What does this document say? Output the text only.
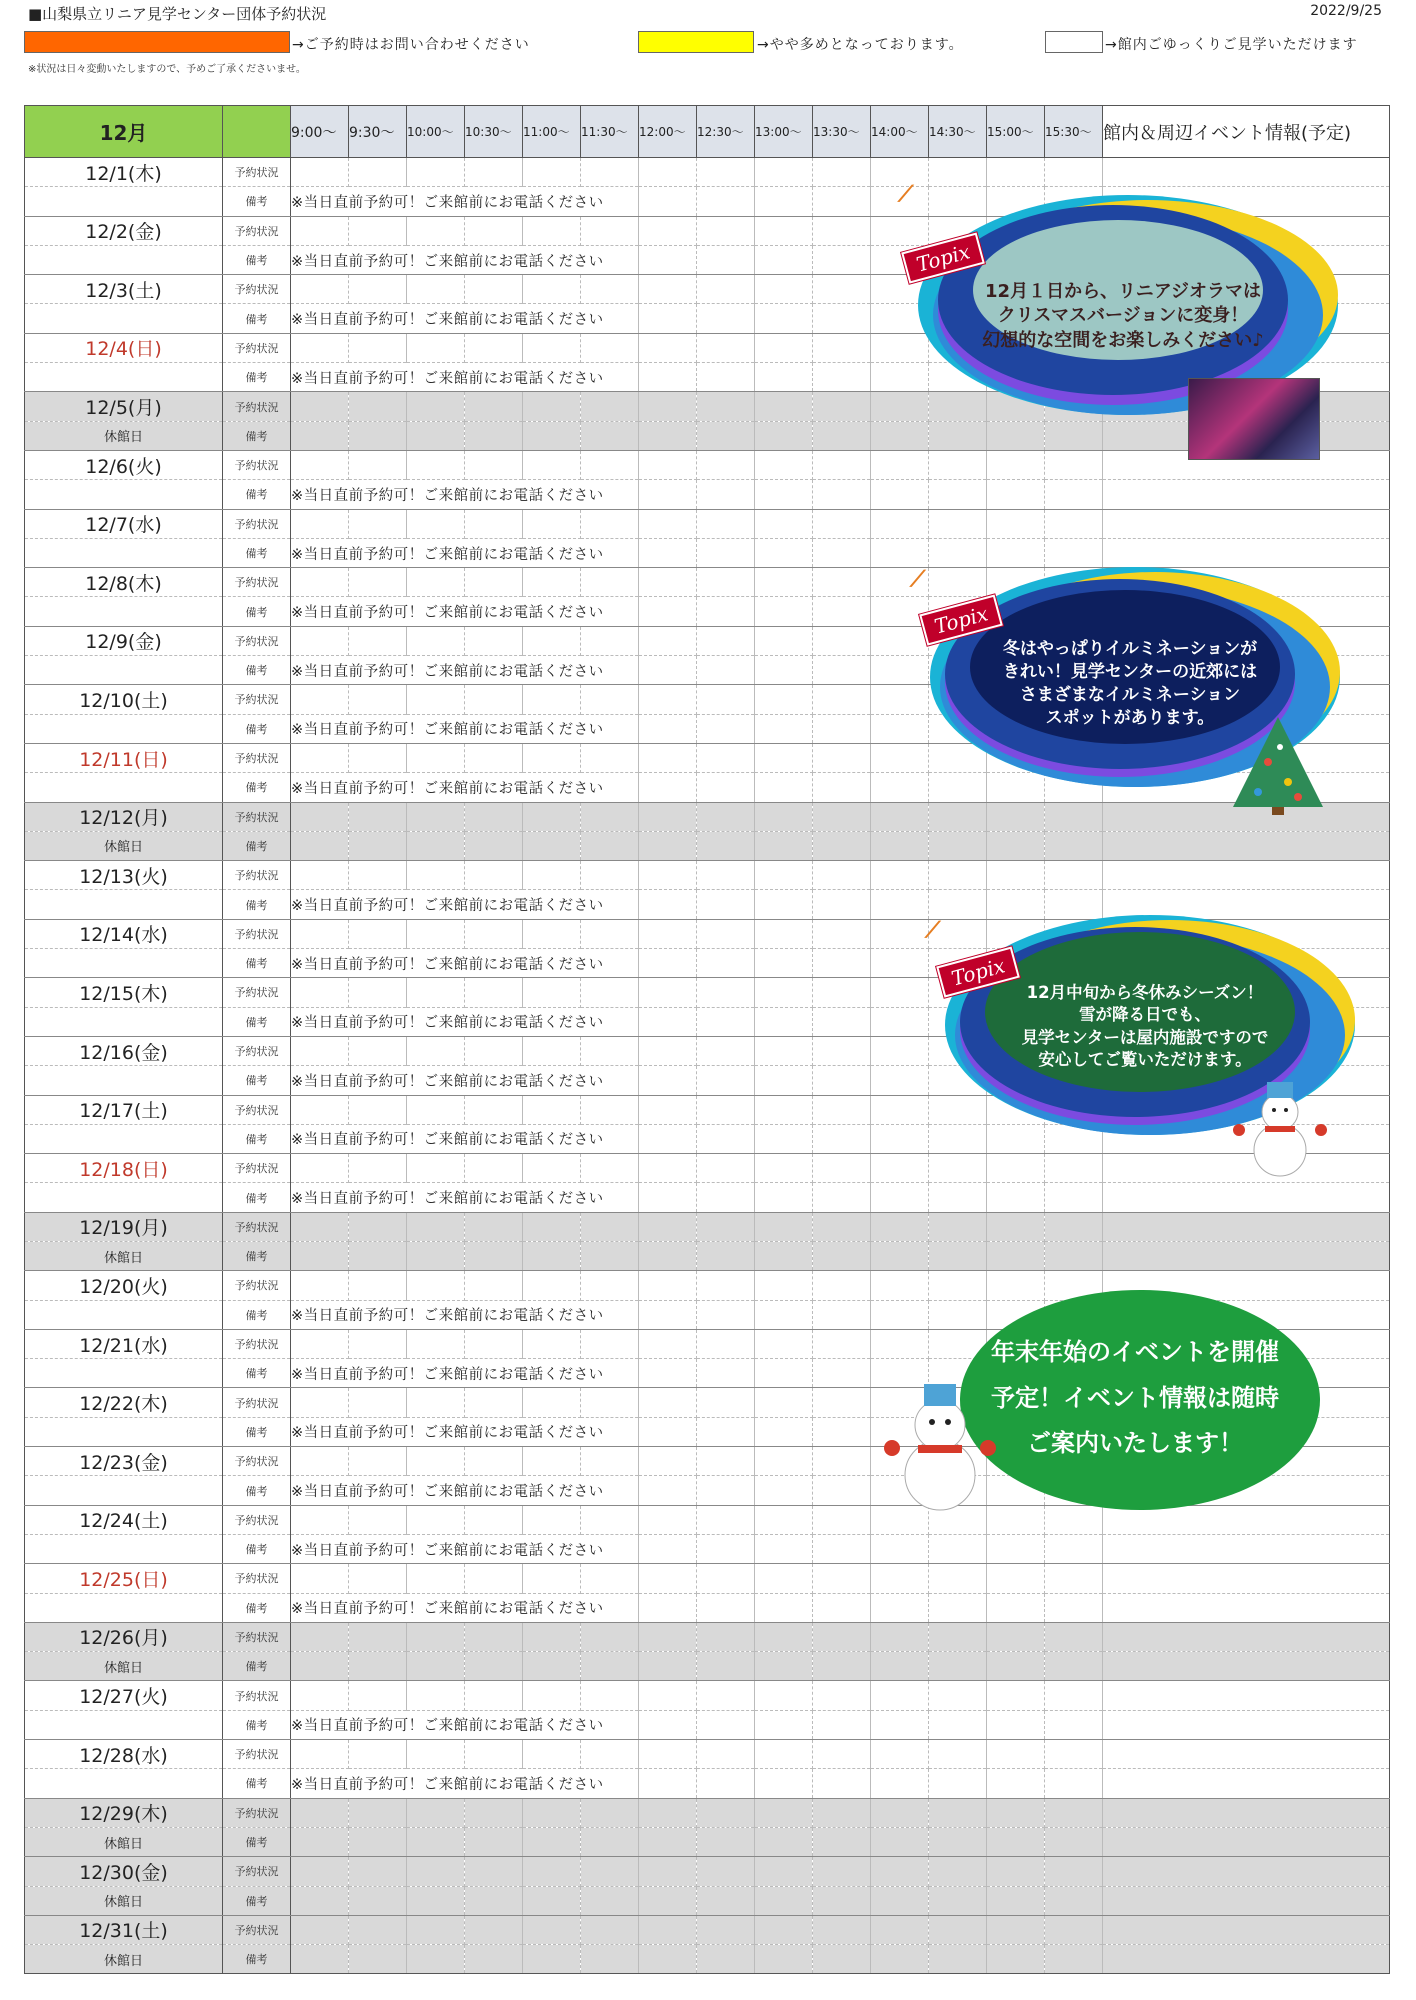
■山梨県立リニア見学センター団体予約状況	2022/9/25
→ご予約時はお問い合わせください	→やや多めとなっております。	→館内ごゆっくりご見学いただけます
※状況は日々変動いたしますので、予めご了承くださいませ。
12月		9:00～	9:30～	10:00～	10:30～	11:00～	11:30～	12:00～	12:30～	13:00～	13:30～	14:00～	14:30～	15:00～	15:30～	館内＆周辺イベント情報(予定)
12/1(木)	予約状況															
	備考	※当日直前予約可！ご来館前にお電話ください														
12/2(金)	予約状況															
	備考	※当日直前予約可！ご来館前にお電話ください														
12/3(土)	予約状況															
	備考	※当日直前予約可！ご来館前にお電話ください														
12/4(日)	予約状況															
	備考	※当日直前予約可！ご来館前にお電話ください														
12/5(月)	予約状況															
休館日	備考															
12/6(火)	予約状況															
	備考	※当日直前予約可！ご来館前にお電話ください														
12/7(水)	予約状況															
	備考	※当日直前予約可！ご来館前にお電話ください														
12/8(木)	予約状況															
	備考	※当日直前予約可！ご来館前にお電話ください														
12/9(金)	予約状況															
	備考	※当日直前予約可！ご来館前にお電話ください														
12/10(土)	予約状況															
	備考	※当日直前予約可！ご来館前にお電話ください														
12/11(日)	予約状況															
	備考	※当日直前予約可！ご来館前にお電話ください														
12/12(月)	予約状況															
休館日	備考															
12/13(火)	予約状況															
	備考	※当日直前予約可！ご来館前にお電話ください														
12/14(水)	予約状況															
	備考	※当日直前予約可！ご来館前にお電話ください														
12/15(木)	予約状況															
	備考	※当日直前予約可！ご来館前にお電話ください														
12/16(金)	予約状況															
	備考	※当日直前予約可！ご来館前にお電話ください														
12/17(土)	予約状況															
	備考	※当日直前予約可！ご来館前にお電話ください														
12/18(日)	予約状況															
	備考	※当日直前予約可！ご来館前にお電話ください														
12/19(月)	予約状況															
休館日	備考															
12/20(火)	予約状況															
	備考	※当日直前予約可！ご来館前にお電話ください														
12/21(水)	予約状況															
	備考	※当日直前予約可！ご来館前にお電話ください														
12/22(木)	予約状況															
	備考	※当日直前予約可！ご来館前にお電話ください														
12/23(金)	予約状況															
	備考	※当日直前予約可！ご来館前にお電話ください														
12/24(土)	予約状況															
	備考	※当日直前予約可！ご来館前にお電話ください														
12/25(日)	予約状況															
	備考	※当日直前予約可！ご来館前にお電話ください														
12/26(月)	予約状況															
休館日	備考															
12/27(火)	予約状況															
	備考	※当日直前予約可！ご来館前にお電話ください														
12/28(水)	予約状況															
	備考	※当日直前予約可！ご来館前にお電話ください														
12/29(木)	予約状況															
休館日	備考															
12/30(金)	予約状況															
休館日	備考															
12/31(土)	予約状況															
休館日	備考															
⟋
Topix
12月１日から、リニアジオラマは
クリスマスバージョンに変身！
幻想的な空間をお楽しみください♪
⟋
Topix
冬はやっぱりイルミネーションが
きれい！見学センターの近郊には
さまざまなイルミネーション
スポットがあります。
⟋
Topix
12月中旬から冬休みシーズン！
雪が降る日でも、
見学センターは屋内施設ですので
安心してご覧いただけます。
年末年始のイベントを開催
予定！イベント情報は随時
ご案内いたします！
